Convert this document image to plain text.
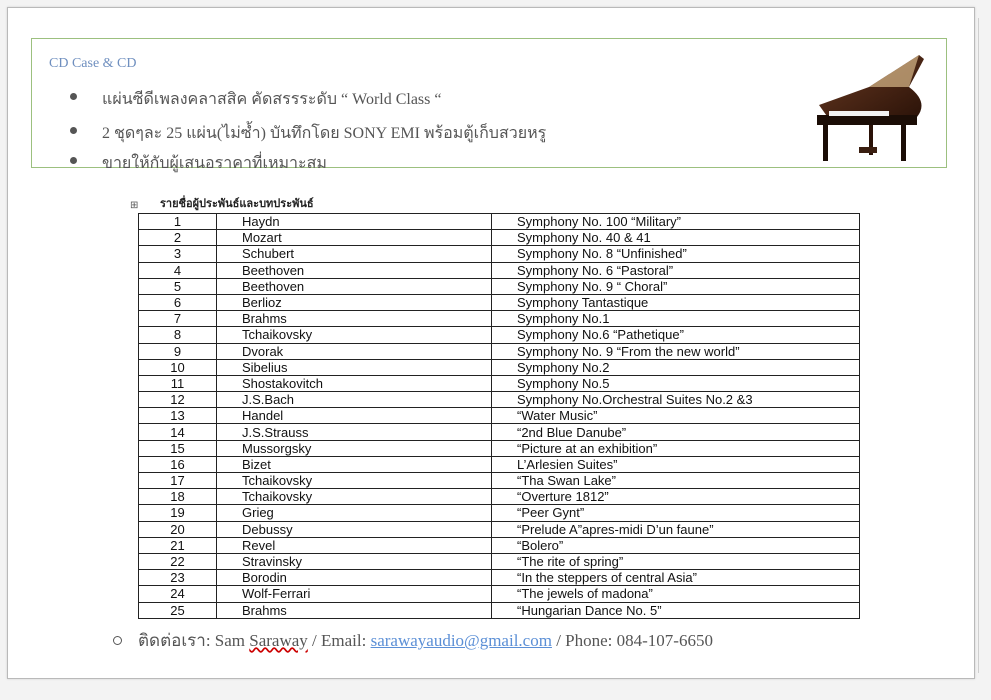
CD Case & CD
แผ่นซีดีเพลงคลาสสิค คัดสรรระดับ “ World Class “
2 ชุดๆละ 25 แผ่น(ไม่ซ้ำ) บันทึกโดย SONY EMI พร้อมตู้เก็บสวยหรู
ขายให้กับผู้เสนอราคาที่เหมาะสม
⊞ รายชื่อผู้ประพันธ์และบทประพันธ์
1	Haydn	Symphony No. 100 “Military”
2	Mozart	Symphony No. 40 & 41
3	Schubert	Symphony No. 8 “Unfinished”
4	Beethoven	Symphony No. 6 “Pastoral”
5	Beethoven	Symphony No. 9 “ Choral”
6	Berlioz	Symphony Tantastique
7	Brahms	Symphony No.1
8	Tchaikovsky	Symphony No.6 “Pathetique”
9	Dvorak	Symphony No. 9 “From the new world”
10	Sibelius	Symphony No.2
11	Shostakovitch	Symphony No.5
12	J.S.Bach	Symphony No.Orchestral Suites No.2 &3
13	Handel	“Water Music”
14	J.S.Strauss	“2nd Blue Danube”
15	Mussorgsky	“Picture at an exhibition”
16	Bizet	L’Arlesien Suites”
17	Tchaikovsky	“Tha Swan Lake”
18	Tchaikovsky	“Overture 1812”
19	Grieg	“Peer Gynt”
20	Debussy	“Prelude A”apres-midi D’un faune”
21	Revel	“Bolero”
22	Stravinsky	“The rite of spring”
23	Borodin	“In the steppers of central Asia”
24	Wolf-Ferrari	“The jewels of madona”
25	Brahms	“Hungarian Dance No. 5”
ติดต่อเรา: Sam Saraway / Email: sarawayaudio@gmail.com / Phone: 084-107-6650
